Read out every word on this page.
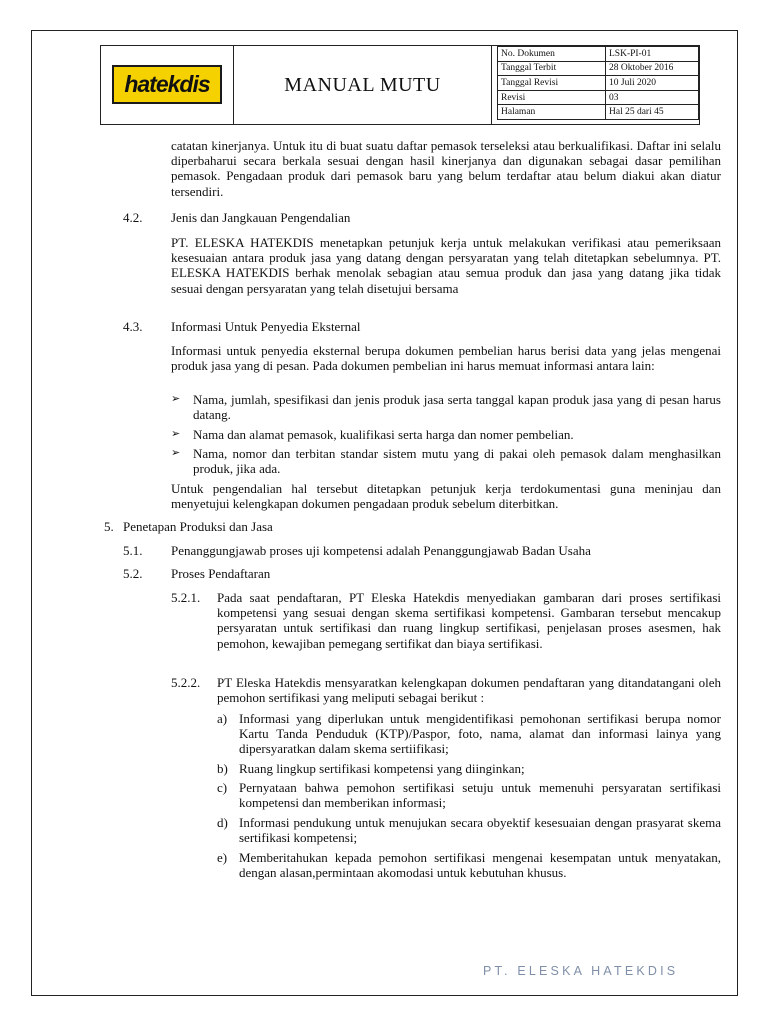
hatekdis	MANUAL MUTU
No. Dokumen	LSK-PI-01
Tanggal Terbit	28 Oktober 2016
Tanggal Revisi	10 Juli 2020
Revisi	03
Halaman	Hal 25 dari 45

catatan kinerjanya. Untuk itu di buat suatu daftar pemasok terseleksi atau berkualifikasi. Daftar ini selalu diperbaharui secara berkala sesuai dengan hasil kinerjanya dan digunakan sebagai dasar pemilihan pemasok. Pengadaan produk dari pemasok baru yang belum terdaftar atau belum diakui akan diatur tersendiri.

4.2. Jenis dan Jangkauan Pengendalian

PT. ELESKA HATEKDIS menetapkan petunjuk kerja untuk melakukan verifikasi atau pemeriksaan kesesuaian antara produk jasa yang datang dengan persyaratan yang telah ditetapkan sebelumnya. PT. ELESKA HATEKDIS berhak menolak sebagian atau semua produk dan jasa yang datang jika tidak sesuai dengan persyaratan yang telah disetujui bersama

4.3. Informasi Untuk Penyedia Eksternal

Informasi untuk penyedia eksternal berupa dokumen pembelian harus berisi data yang jelas mengenai produk jasa yang di pesan. Pada dokumen pembelian ini harus memuat informasi antara lain:

➢ Nama, jumlah, spesifikasi dan jenis produk jasa serta tanggal kapan produk jasa yang di pesan harus datang.

➢ Nama dan alamat pemasok, kualifikasi serta harga dan nomer pembelian.

➢ Nama, nomor dan terbitan standar sistem mutu yang di pakai oleh pemasok dalam menghasilkan produk, jika ada.

Untuk pengendalian hal tersebut ditetapkan petunjuk kerja terdokumentasi guna meninjau dan menyetujui kelengkapan dokumen pengadaan produk sebelum diterbitkan.

5. Penetapan Produksi dan Jasa

5.1. Penanggungjawab proses uji kompetensi adalah Penanggungjawab Badan Usaha

5.2. Proses Pendaftaran

5.2.1. Pada saat pendaftaran, PT Eleska Hatekdis menyediakan gambaran dari proses sertifikasi kompetensi yang sesuai dengan skema sertifikasi kompetensi. Gambaran tersebut mencakup persyaratan untuk sertifikasi dan ruang lingkup sertifikasi, penjelasan proses asesmen, hak pemohon, kewajiban pemegang sertifikat dan biaya sertifikasi.

5.2.2. PT Eleska Hatekdis mensyaratkan kelengkapan dokumen pendaftaran yang ditandatangani oleh pemohon sertifikasi yang meliputi sebagai berikut :

a) Informasi yang diperlukan untuk mengidentifikasi pemohonan sertifikasi berupa nomor Kartu Tanda Penduduk (KTP)/Paspor, foto, nama, alamat dan informasi lainya yang dipersyaratkan dalam skema sertiifikasi;

b) Ruang lingkup sertifikasi kompetensi yang diinginkan;

c) Pernyataan bahwa pemohon sertifikasi setuju untuk memenuhi persyaratan sertifikasi kompetensi dan memberikan informasi;

d) Informasi pendukung untuk menujukan secara obyektif kesesuaian dengan prasyarat skema sertifikasi kompetensi;

e) Memberitahukan kepada pemohon sertifikasi mengenai kesempatan untuk menyatakan, dengan alasan,permintaan akomodasi untuk kebutuhan khusus.

PT. ELESKA HATEKDIS
